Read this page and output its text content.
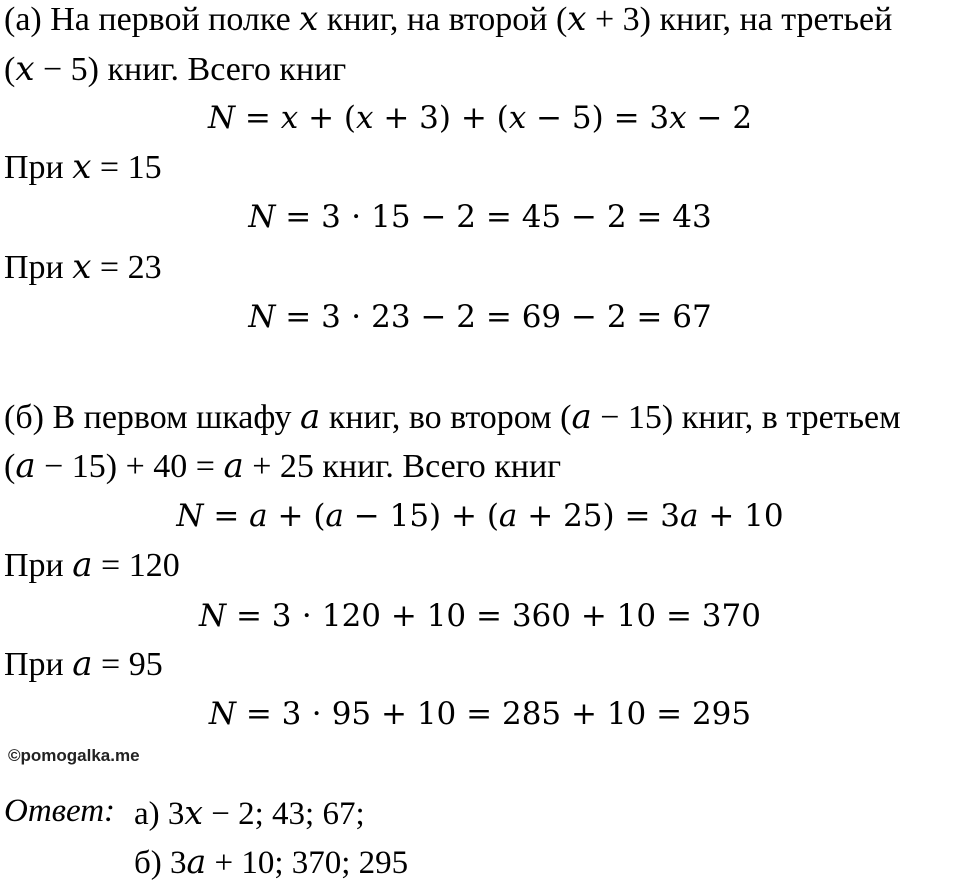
(а) На первой полке 𝑥 книг, на второй (𝑥 + 3) книг, на третьей
(𝑥 − 5) книг. Всего книг
𝑁 = 𝑥 + (𝑥 + 3) + (𝑥 − 5) = 3𝑥 − 2
При 𝑥 = 15
𝑁 = 3 ⋅ 15 − 2 = 45 − 2 = 43
При 𝑥 = 23
𝑁 = 3 ⋅ 23 − 2 = 69 − 2 = 67
(б) В первом шкафу 𝑎 книг, во втором (𝑎 − 15) книг, в третьем
(𝑎 − 15) + 40 = 𝑎 + 25 книг. Всего книг
𝑁 = 𝑎 + (𝑎 − 15) + (𝑎 + 25) = 3𝑎 + 10
При 𝑎 = 120
𝑁 = 3 ⋅ 120 + 10 = 360 + 10 = 370
При 𝑎 = 95
𝑁 = 3 ⋅ 95 + 10 = 285 + 10 = 295
©pomogalka.me
Ответ: а) 3𝑥 − 2; 43; 67;
б) 3𝑎 + 10; 370; 295
